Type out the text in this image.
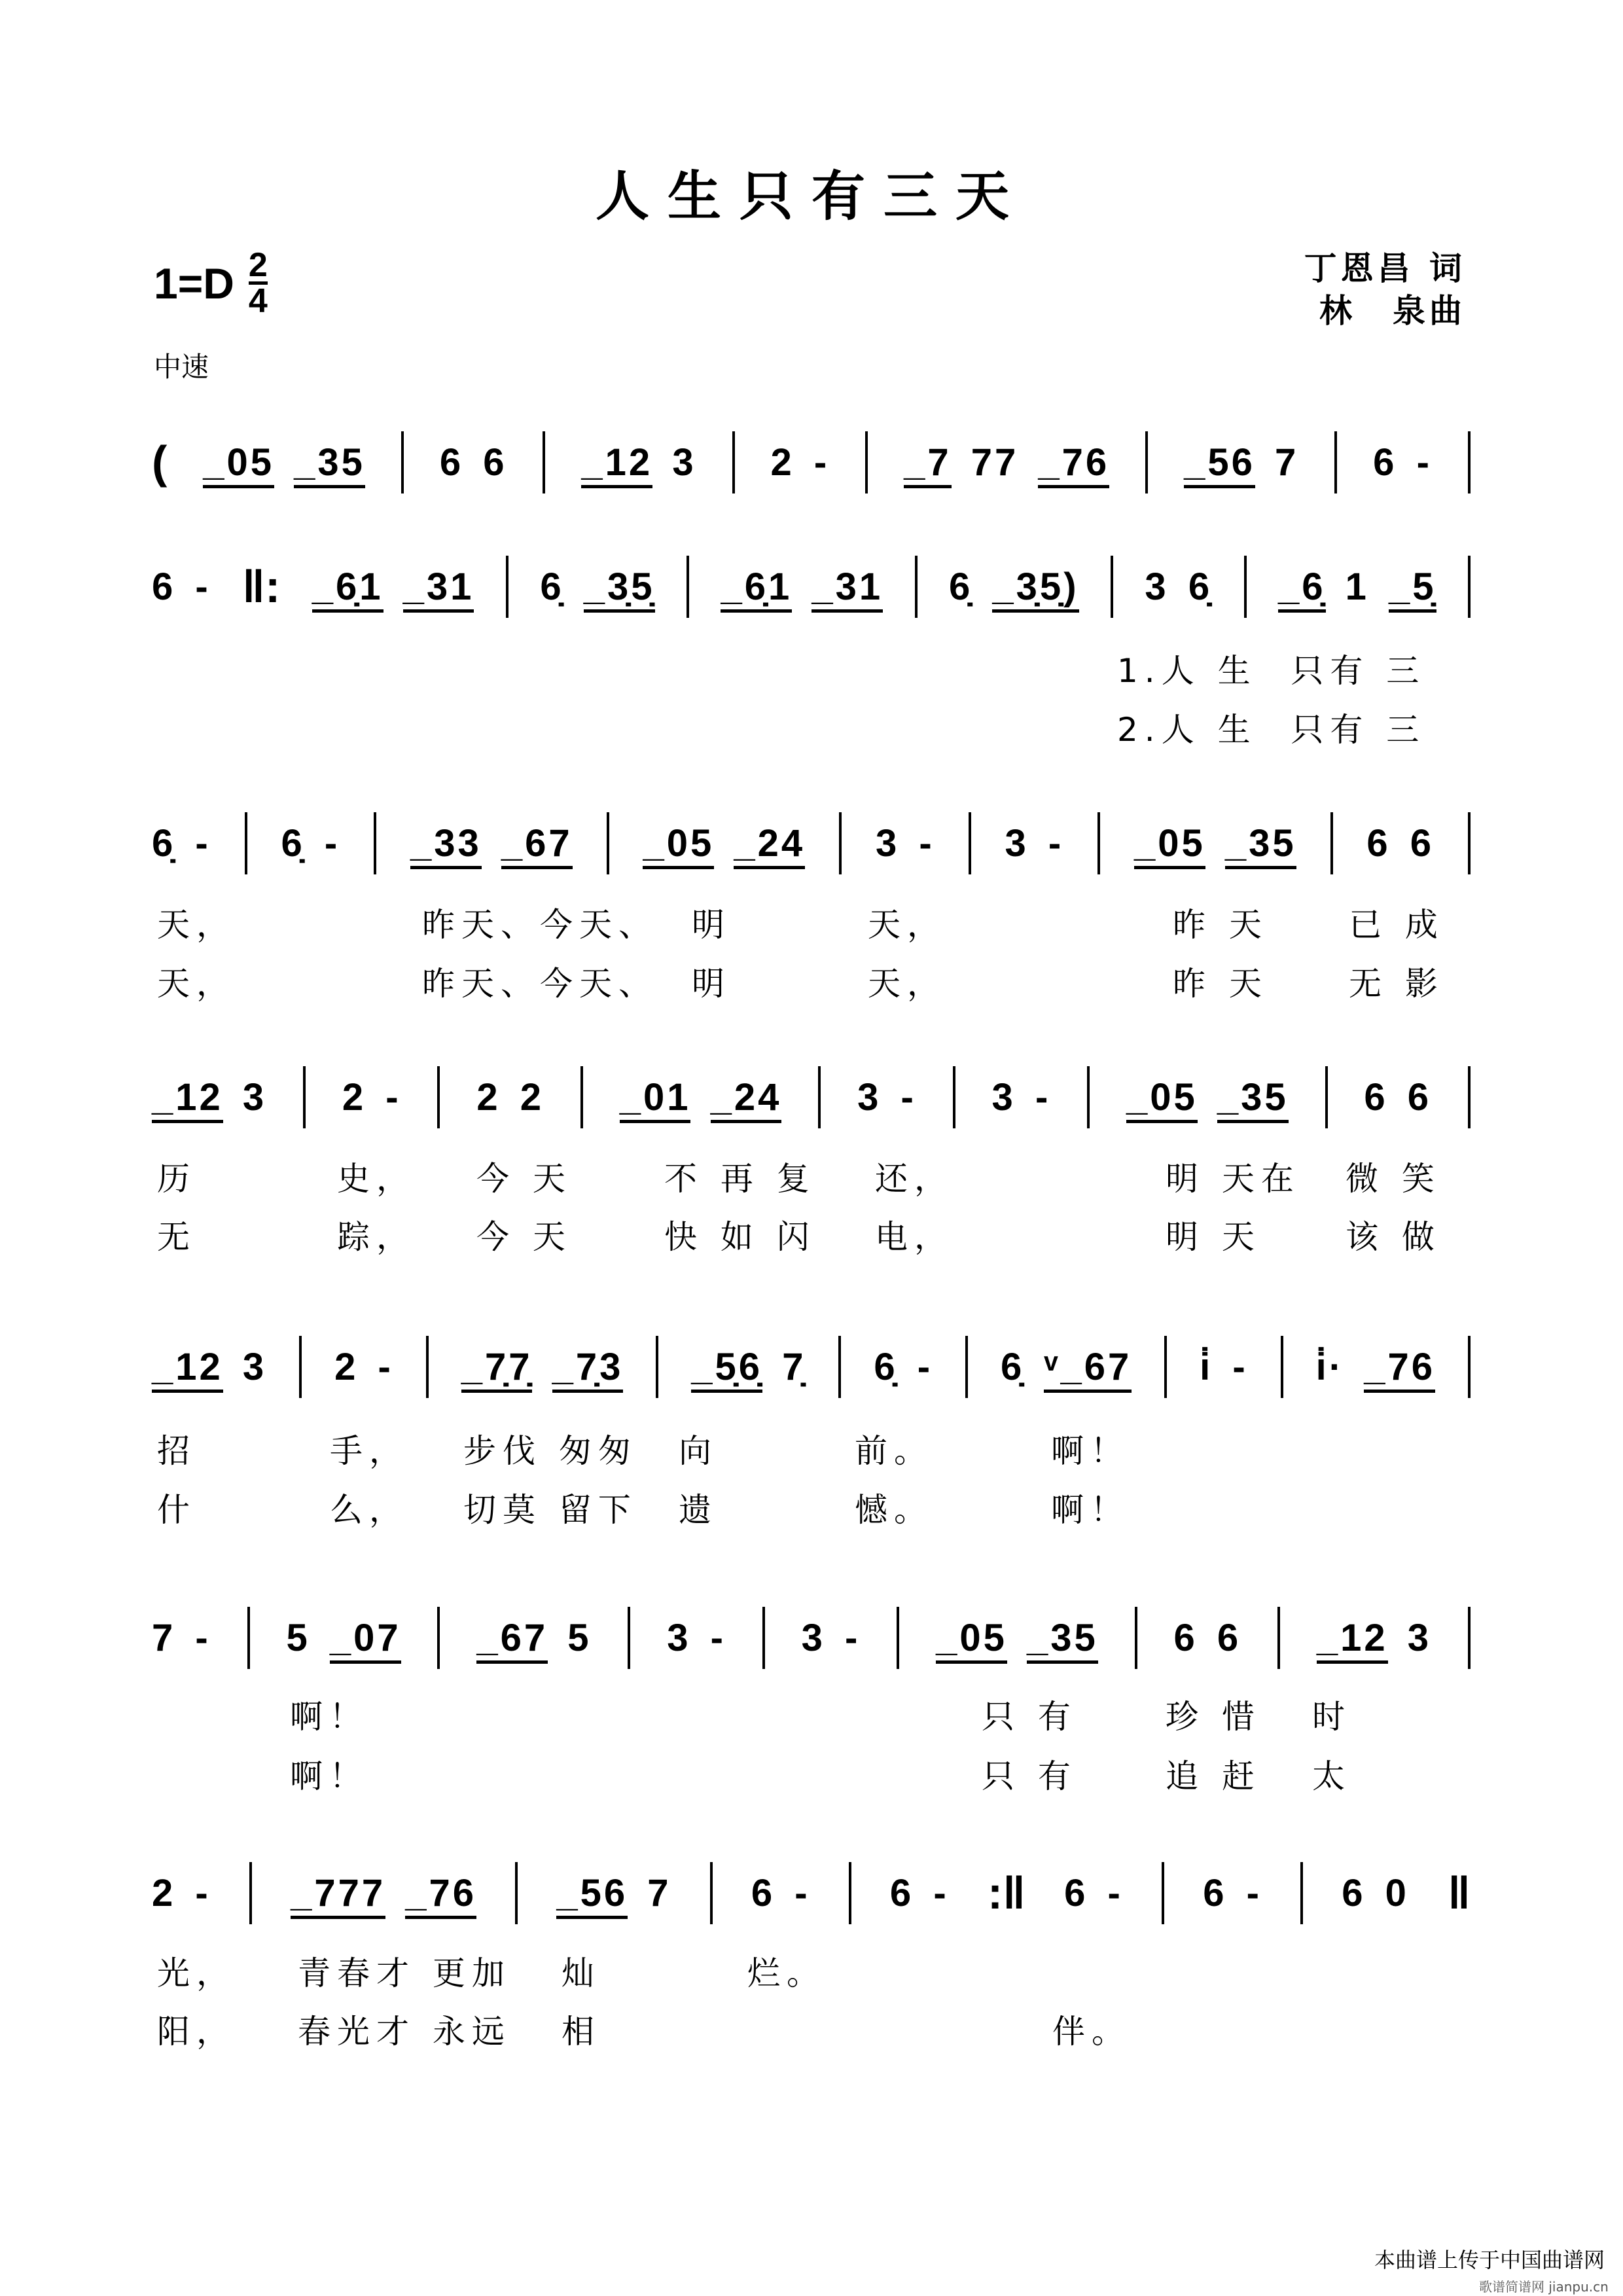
人生只有三天
$1=D \frac{2}{4}$	丁恩昌 词
林　泉曲
中速
( _05 _35 6 6 _12 3 2 - _7 77 _76 _56 7 6 -
6 - ‖: _6̣1 _31 6̣ _3̣5̣ _6̣1 _31 6̣ _3̣5̣) 3 6̣ _6̣ 1 _5̣
1.人 生  只有 三
2.人 生  只有 三
6̣ - 6̣ - _33 _67 _05 _24 3 - 3 - _05 _35 6 6
天，	昨天、今天、 明	天，	昨 天 已 成
天，	昨天、今天、 明	天，	昨 天 无 影
_12 3 2 - 2 2 _01 _24 3 - 3 - _05 _35 6 6
历	史， 今 天	不 再 复 还，	明 天在 微 笑
无	踪， 今 天	快 如 闪 电，	明 天	该 做
_12 3 2 - _7̣7̣ _7̣3 _5̣6̣ 7̣ 6̣ - 6̣ ᵛ_67 i̇ - i̇· _76
招	手， 步伐 匆匆 向	前。	啊！
什	么， 切莫 留下 遗	憾。	啊！
7 - 5 _07 _67 5 3 - 3 - _05 _35 6 6 _12 3
啊！	只 有	珍 惜 时
啊！	只 有	追 赶 太
2 - _777 _76 _56 7 6 - 6 - :‖ 6 - 6 - 6 0 ‖
光， 青春才 更加 灿	烂。
阳， 春光才 永远 相	伴。
本曲谱上传于中国曲谱网
歌谱简谱网 jianpu.cn
